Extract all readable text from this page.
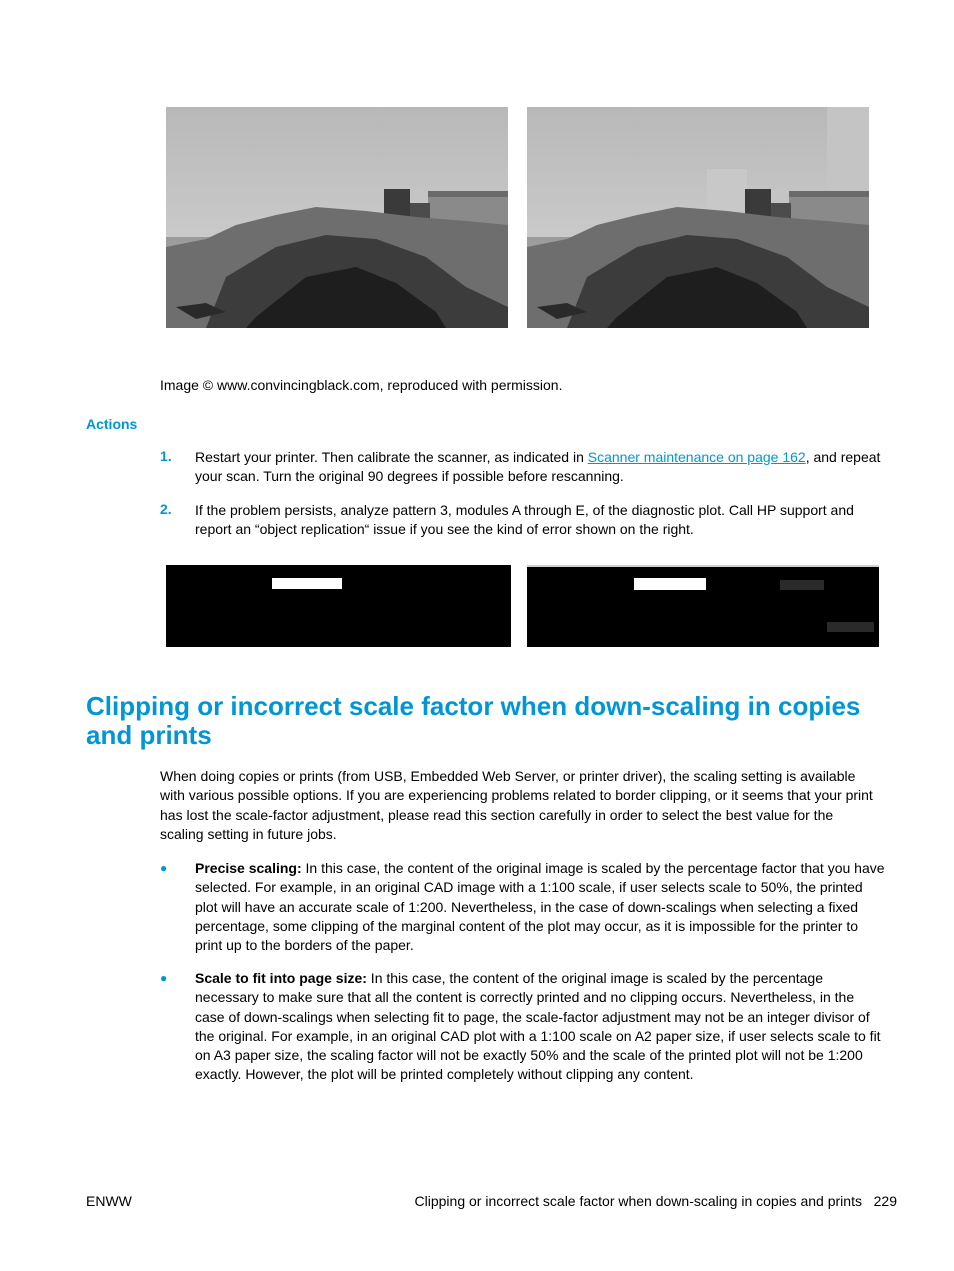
Image © www.convincingblack.com, reproduced with permission.
Actions
1. Restart your printer. Then calibrate the scanner, as indicated in Scanner maintenance on page 162, and repeat your scan. Turn the original 90 degrees if possible before rescanning.
2. If the problem persists, analyze pattern 3, modules A through E, of the diagnostic plot. Call HP support and report an “object replication“ issue if you see the kind of error shown on the right.
Clipping or incorrect scale factor when down-scaling in copies and prints
When doing copies or prints (from USB, Embedded Web Server, or printer driver), the scaling setting is available with various possible options. If you are experiencing problems related to border clipping, or it seems that your print has lost the scale-factor adjustment, please read this section carefully in order to select the best value for the scaling setting in future jobs.
● Precise scaling: In this case, the content of the original image is scaled by the percentage factor that you have selected. For example, in an original CAD image with a 1:100 scale, if user selects scale to 50%, the printed plot will have an accurate scale of 1:200. Nevertheless, in the case of down-scalings when selecting a fixed percentage, some clipping of the marginal content of the plot may occur, as it is impossible for the printer to print up to the borders of the paper.
● Scale to fit into page size: In this case, the content of the original image is scaled by the percentage necessary to make sure that all the content is correctly printed and no clipping occurs. Nevertheless, in the case of down-scalings when selecting fit to page, the scale-factor adjustment may not be an integer divisor of the original. For example, in an original CAD plot with a 1:100 scale on A2 paper size, if user selects scale to fit on A3 paper size, the scaling factor will not be exactly 50% and the scale of the printed plot will not be 1:200 exactly. However, the plot will be printed completely without clipping any content.
ENWW	Clipping or incorrect scale factor when down-scaling in copies and prints 229
